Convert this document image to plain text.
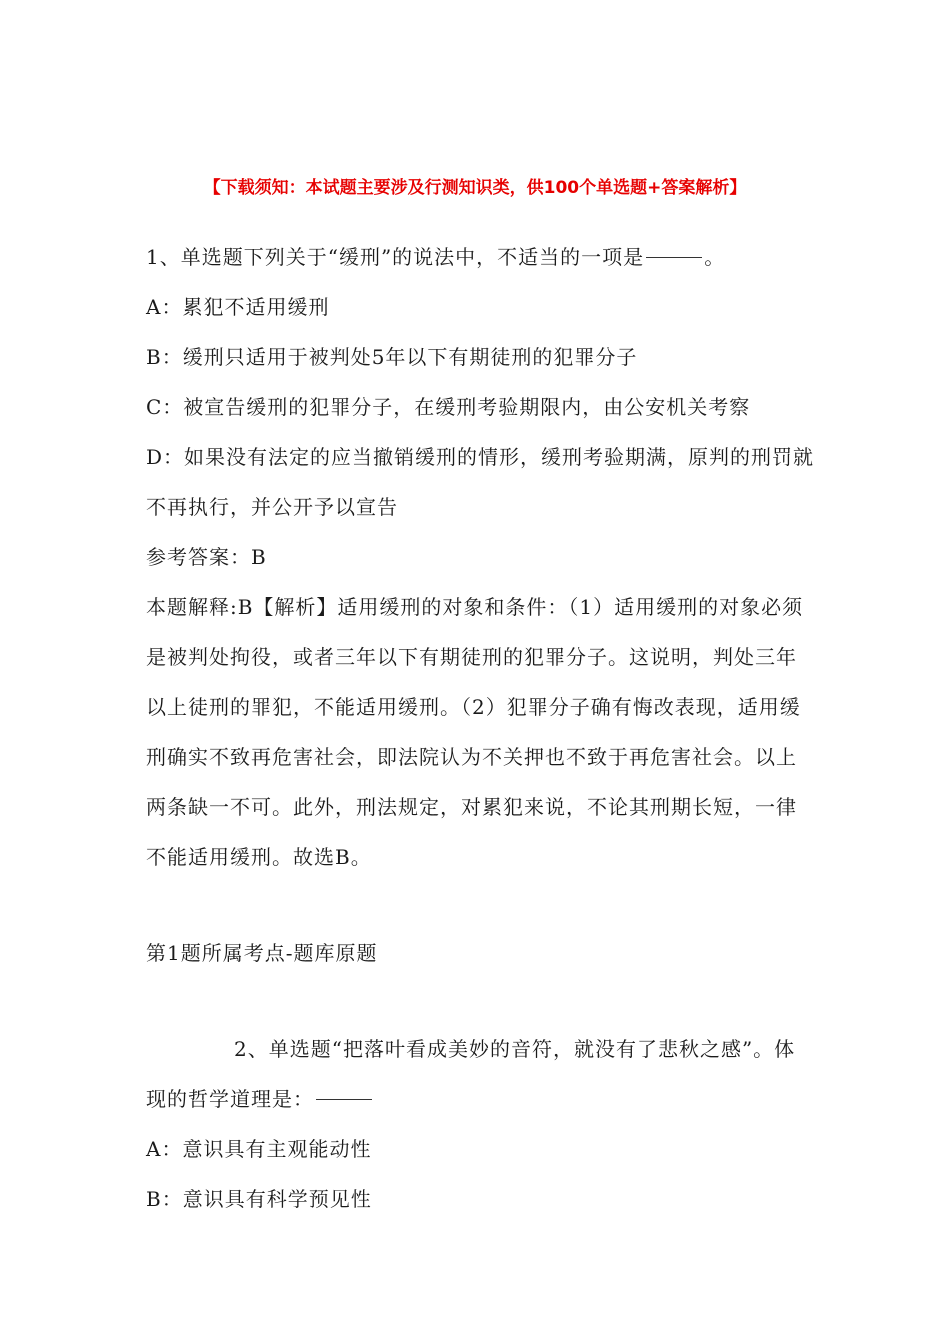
【下载须知：本试题主要涉及行测知识类，供100个单选题+答案解析】

1、单选题下列关于“缓刑”的说法中，不适当的一项是	。

A：累犯不适用缓刑

B：缓刑只适用于被判处5年以下有期徒刑的犯罪分子

C：被宣告缓刑的犯罪分子，在缓刑考验期限内，由公安机关考察

D：如果没有法定的应当撤销缓刑的情形，缓刑考验期满，原判的刑罚就不再执行，并公开予以宣告

参考答案：B

本题解释:B【解析】适用缓刑的对象和条件：（1）适用缓刑的对象必须是被判处拘役，或者三年以下有期徒刑的犯罪分子。这说明，判处三年以上徒刑的罪犯，不能适用缓刑。（2）犯罪分子确有悔改表现，适用缓刑确实不致再危害社会，即法院认为不关押也不致于再危害社会。以上两条缺一不可。此外，刑法规定，对累犯来说，不论其刑期长短，一律不能适用缓刑。故选B。

第1题所属考点-题库原题

2、单选题“把落叶看成美妙的音符，就没有了悲秋之感”。体现的哲学道理是：

A：意识具有主观能动性

B：意识具有科学预见性
